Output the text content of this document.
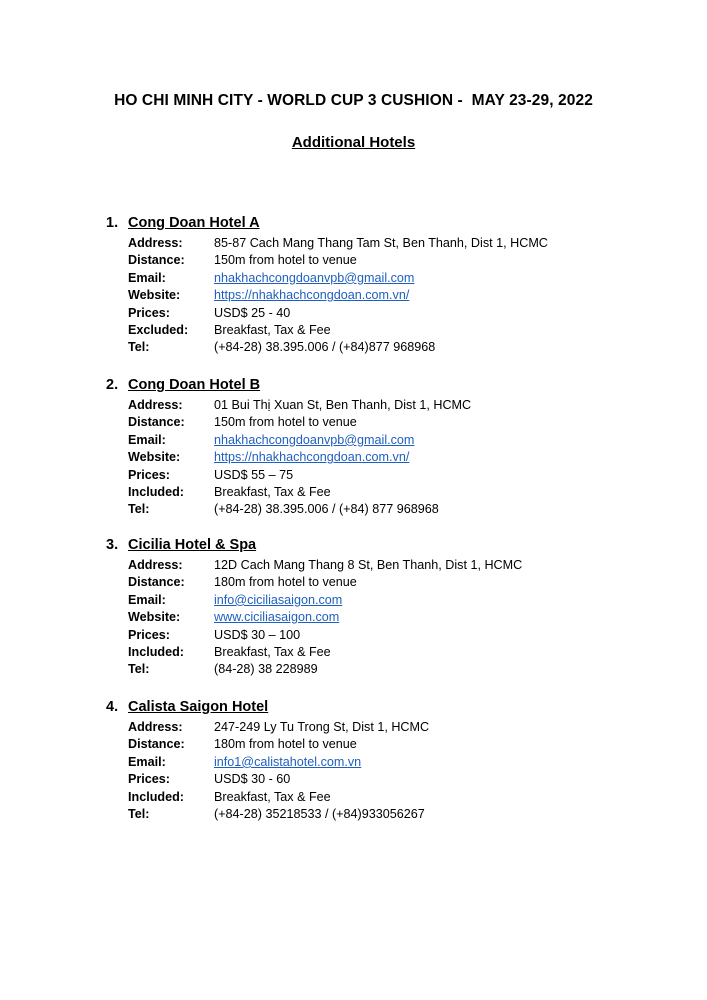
HO CHI MINH CITY - WORLD CUP 3 CUSHION -  MAY 23-29, 2022
Additional Hotels
1. Cong Doan Hotel A
Address: 85-87 Cach Mang Thang Tam St, Ben Thanh, Dist 1, HCMC
Distance: 150m from hotel to venue
Email:	nhakhachcongdoanvpb@gmail.com
Website:	https://nhakhachcongdoan.com.vn/
Prices:	USD$ 25 - 40
Excluded: Breakfast, Tax & Fee
Tel:	(+84-28) 38.395.006 / (+84)877 968968
2. Cong Doan Hotel B
Address: 01 Bui Thị Xuan St, Ben Thanh, Dist 1, HCMC
Distance: 150m from hotel to venue
Email:	nhakhachcongdoanvpb@gmail.com
Website:	https://nhakhachcongdoan.com.vn/
Prices:	USD$ 55 – 75
Included: Breakfast, Tax & Fee
Tel:	(+84-28) 38.395.006 / (+84) 877 968968
3. Cicilia Hotel & Spa
Address: 12D Cach Mang Thang 8 St, Ben Thanh, Dist 1, HCMC
Distance: 180m from hotel to venue
Email:	info@ciciliasaigon.com
Website:	www.ciciliasaigon.com
Prices:	USD$ 30 – 100
Included: Breakfast, Tax & Fee
Tel:	(84-28) 38 228989
4. Calista Saigon Hotel
Address: 247-249 Ly Tu Trong St, Dist 1, HCMC
Distance: 180m from hotel to venue
Email:	info1@calistahotel.com.vn
Prices:	USD$ 30 - 60
Included: Breakfast, Tax & Fee
Tel:	(+84-28) 35218533 / (+84)933056267
